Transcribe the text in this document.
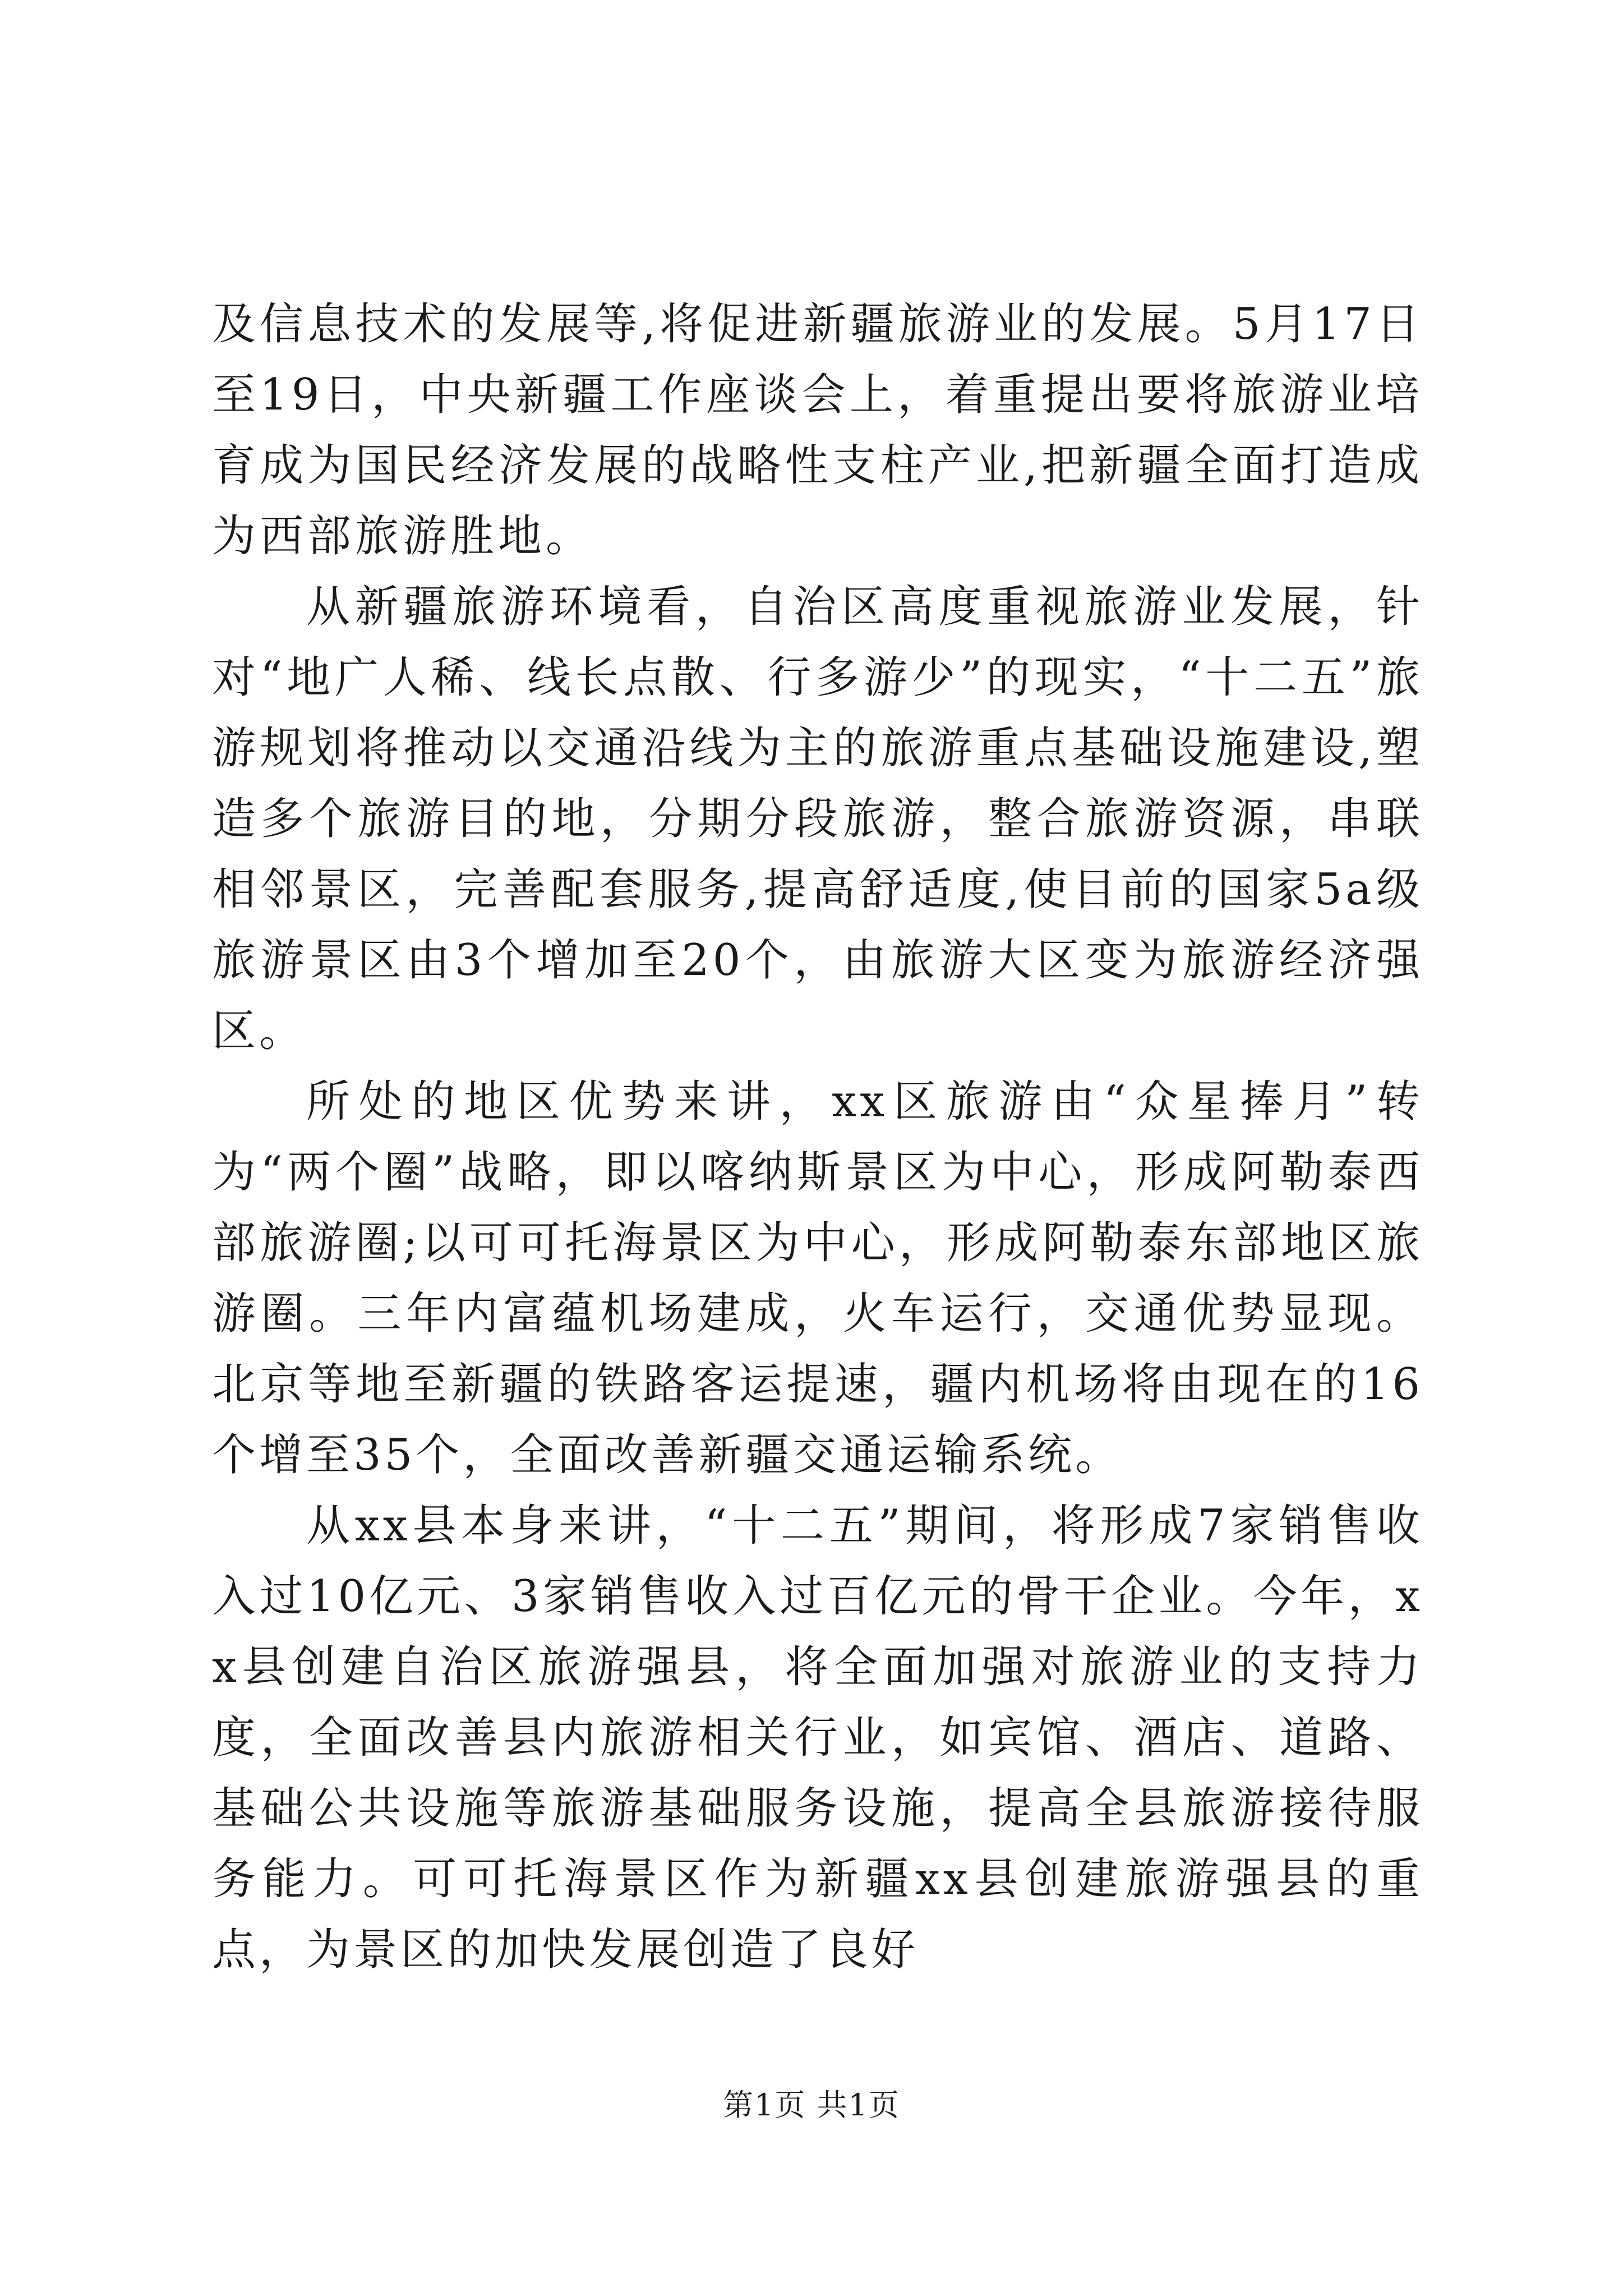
及信息技术的发展等,将促进新疆旅游业的发展。5月17日至19日，中央新疆工作座谈会上，着重提出要将旅游业培育成为国民经济发展的战略性支柱产业,把新疆全面打造成为西部旅游胜地。

从新疆旅游环境看，自治区高度重视旅游业发展，针对“地广人稀、线长点散、行多游少”的现实，“十二五”旅游规划将推动以交通沿线为主的旅游重点基础设施建设,塑造多个旅游目的地，分期分段旅游，整合旅游资源，串联相邻景区，完善配套服务,提高舒适度,使目前的国家5a级旅游景区由3个增加至20个，由旅游大区变为旅游经济强区。

所处的地区优势来讲，xx区旅游由“众星捧月”转为“两个圈”战略，即以喀纳斯景区为中心，形成阿勒泰西部旅游圈;以可可托海景区为中心，形成阿勒泰东部地区旅游圈。三年内富蕴机场建成，火车运行，交通优势显现。北京等地至新疆的铁路客运提速，疆内机场将由现在的16个增至35个，全面改善新疆交通运输系统。

从xx县本身来讲，“十二五”期间，将形成7家销售收入过10亿元、3家销售收入过百亿元的骨干企业。今年，xx县创建自治区旅游强县，将全面加强对旅游业的支持力度，全面改善县内旅游相关行业，如宾馆、酒店、道路、基础公共设施等旅游基础服务设施，提高全县旅游接待服务能力。可可托海景区作为新疆xx县创建旅游强县的重点，为景区的加快发展创造了良好

第1页 共1页
